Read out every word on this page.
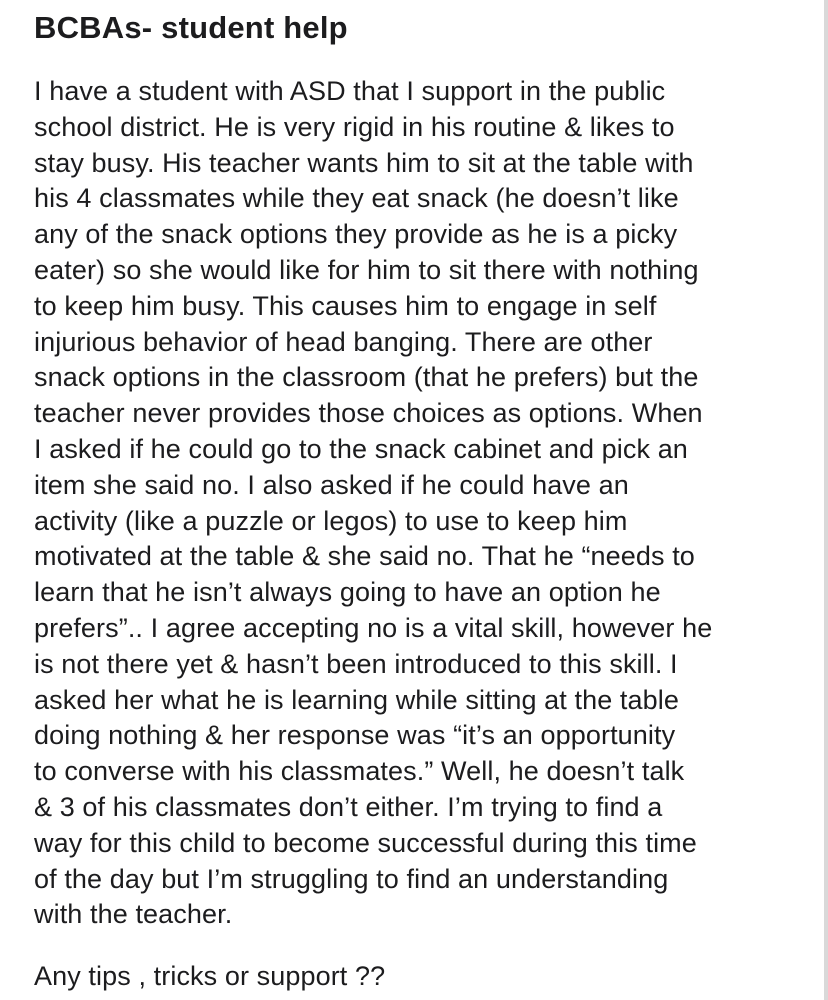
BCBAs- student help
I have a student with ASD that I support in the public
school district. He is very rigid in his routine & likes to
stay busy. His teacher wants him to sit at the table with
his 4 classmates while they eat snack (he doesn’t like
any of the snack options they provide as he is a picky
eater) so she would like for him to sit there with nothing
to keep him busy. This causes him to engage in self
injurious behavior of head banging. There are other
snack options in the classroom (that he prefers) but the
teacher never provides those choices as options. When
I asked if he could go to the snack cabinet and pick an
item she said no. I also asked if he could have an
activity (like a puzzle or legos) to use to keep him
motivated at the table & she said no. That he “needs to
learn that he isn’t always going to have an option he
prefers”.. I agree accepting no is a vital skill, however he
is not there yet & hasn’t been introduced to this skill. I
asked her what he is learning while sitting at the table
doing nothing & her response was “it’s an opportunity
to converse with his classmates.” Well, he doesn’t talk
& 3 of his classmates don’t either. I’m trying to find a
way for this child to become successful during this time
of the day but I’m struggling to find an understanding
with the teacher.
Any tips , tricks or support ??
